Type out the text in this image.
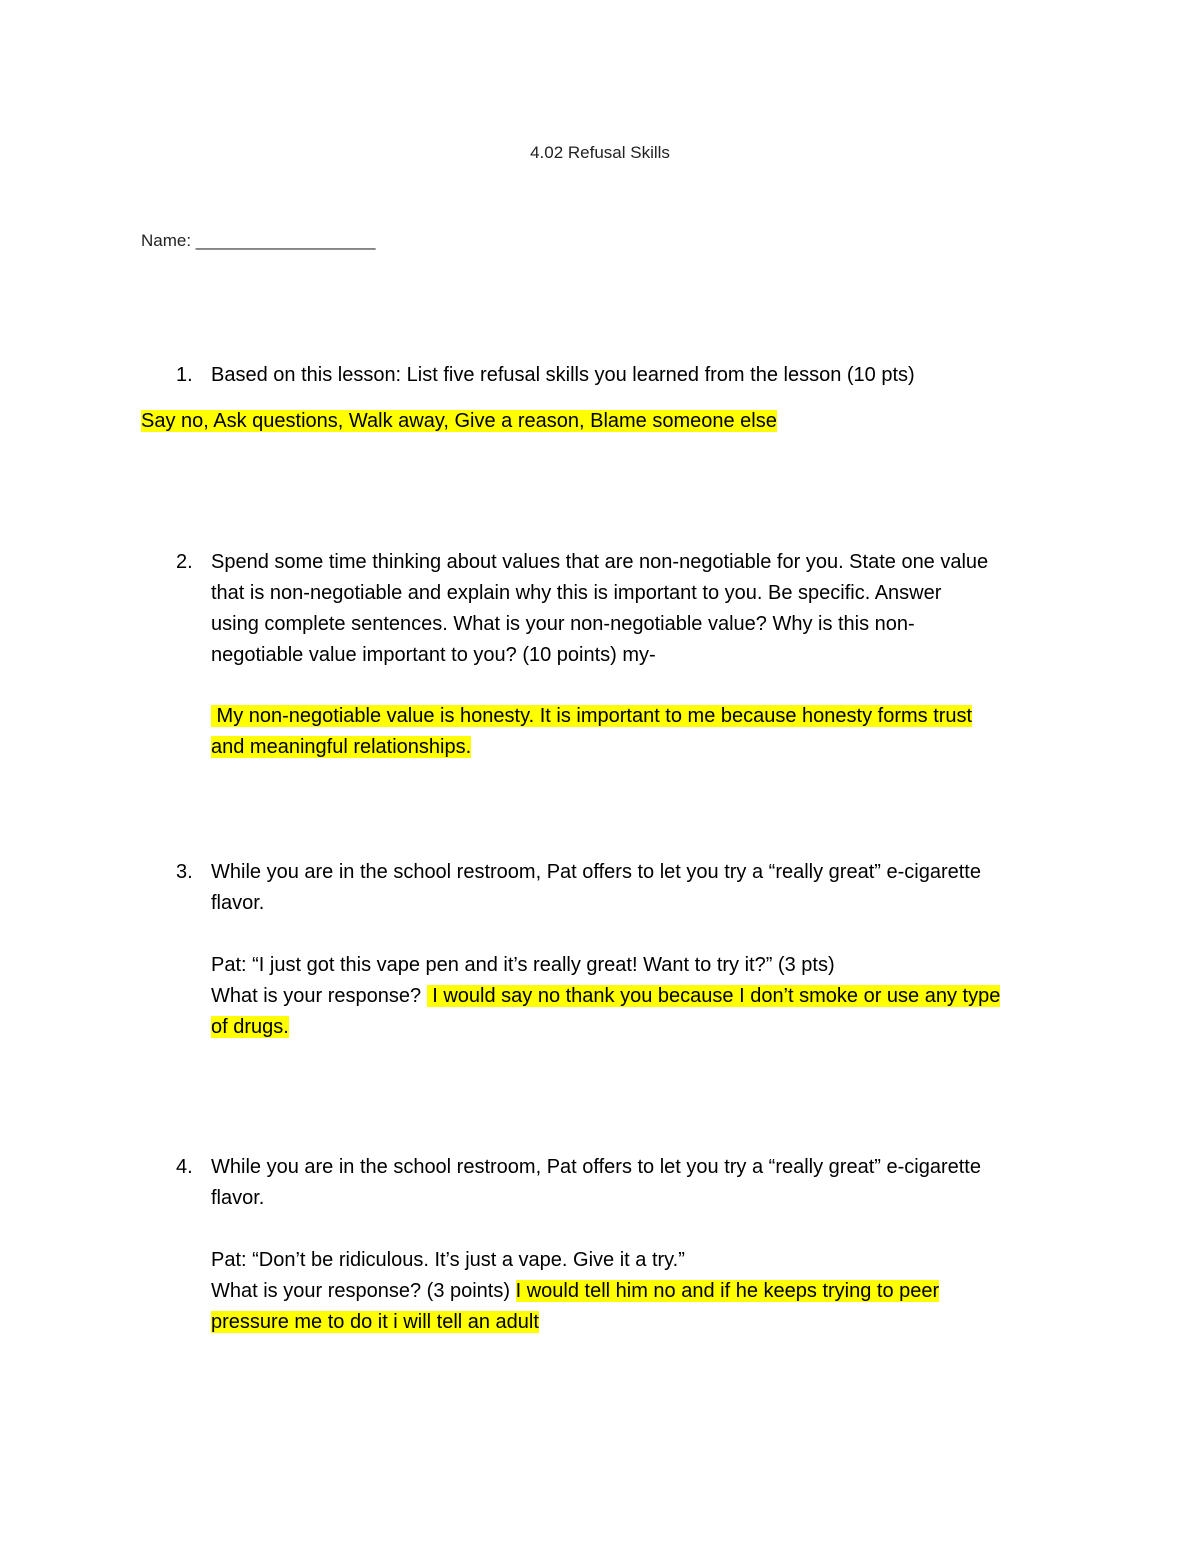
4.02 Refusal Skills
Name: ___________________
1. Based on this lesson: List five refusal skills you learned from the lesson (10 pts)
Say no, Ask questions, Walk away, Give a reason, Blame someone else
2. Spend some time thinking about values that are non-negotiable for you. State one value
that is non-negotiable and explain why this is important to you. Be specific. Answer
using complete sentences. What is your non-negotiable value? Why is this non-
negotiable value important to you? (10 points) my-
My non-negotiable value is honesty. It is important to me because honesty forms trust
and meaningful relationships.
3. While you are in the school restroom, Pat offers to let you try a “really great” e-cigarette
flavor.
Pat: “I just got this vape pen and it’s really great! Want to try it?” (3 pts)
What is your response?  I would say no thank you because I don’t smoke or use any type
of drugs.
4. While you are in the school restroom, Pat offers to let you try a “really great” e-cigarette
flavor.
Pat: “Don’t be ridiculous. It’s just a vape. Give it a try.”
What is your response? (3 points) I would tell him no and if he keeps trying to peer
pressure me to do it i will tell an adult
